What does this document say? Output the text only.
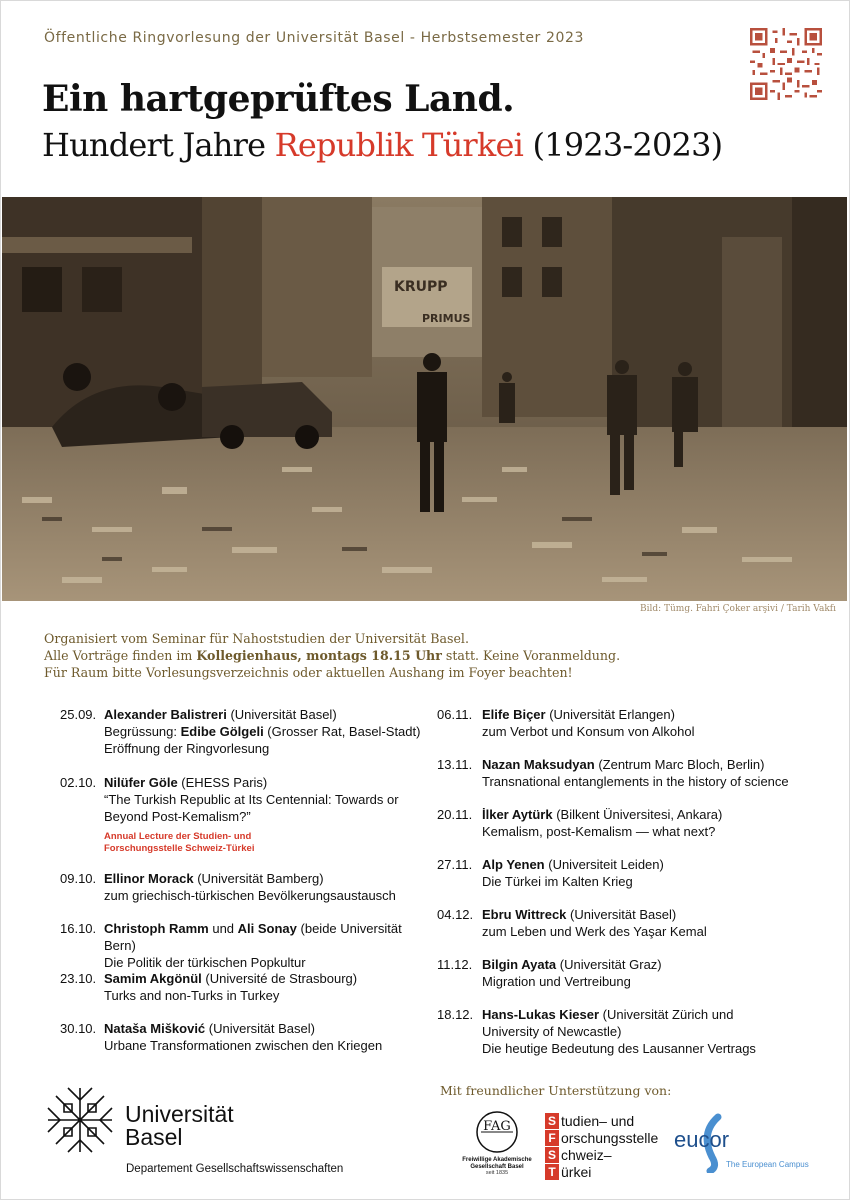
Öffentliche Ringvorlesung der Universität Basel - Herbstsemester 2023
Ein hartgeprüftes Land.
Hundert Jahre Republik Türkei (1923-2023)
KRUPP
PRIMUS
Bild: Tümg. Fahri Çoker arşivi / Tarih Vakfı
Organisiert vom Seminar für Nahoststudien der Universität Basel.
Alle Vorträge finden im Kollegienhaus, montags 18.15 Uhr statt. Keine Voranmeldung.
Für Raum bitte Vorlesungsverzeichnis oder aktuellen Aushang im Foyer beachten!
25.09. Alexander Balistreri (Universität Basel)
Begrüssung: Edibe Gölgeli (Grosser Rat, Basel-Stadt)
Eröffnung der Ringvorlesung
02.10. Nilüfer Göle (EHESS Paris)
“The Turkish Republic at Its Centennial: Towards or
Beyond Post-Kemalism?”
Annual Lecture der Studien- und
Forschungsstelle Schweiz-Türkei
09.10. Ellinor Morack (Universität Bamberg)
zum griechisch-türkischen Bevölkerungsaustausch
16.10. Christoph Ramm und Ali Sonay (beide Universität Bern)
Die Politik der türkischen Popkultur
23.10. Samim Akgönül (Université de Strasbourg)
Turks and non-Turks in Turkey
30.10. Nataša Mišković (Universität Basel)
Urbane Transformationen zwischen den Kriegen
06.11. Elife Biçer (Universität Erlangen)
zum Verbot und Konsum von Alkohol
13.11. Nazan Maksudyan (Zentrum Marc Bloch, Berlin)
Transnational entanglements in the history of science
20.11. İlker Aytürk (Bilkent Üniversitesi, Ankara)
Kemalism, post-Kemalism — what next?
27.11. Alp Yenen (Universiteit Leiden)
Die Türkei im Kalten Krieg
04.12. Ebru Wittreck (Universität Basel)
zum Leben und Werk des Yaşar Kemal
11.12. Bilgin Ayata (Universität Graz)
Migration und Vertreibung
18.12. Hans-Lukas Kieser (Universität Zürich und
University of Newcastle)
Die heutige Bedeutung des Lausanner Vertrags
Universität
Basel
Departement Gesellschaftswissenschaften
Mit freundlicher Unterstützung von:
FAG
Freiwillige Akademische
Gesellschaft Basel
seit 1835
S tudien– und
F orschungsstelle
S chweiz–
T ürkei
eucor
The European Campus
